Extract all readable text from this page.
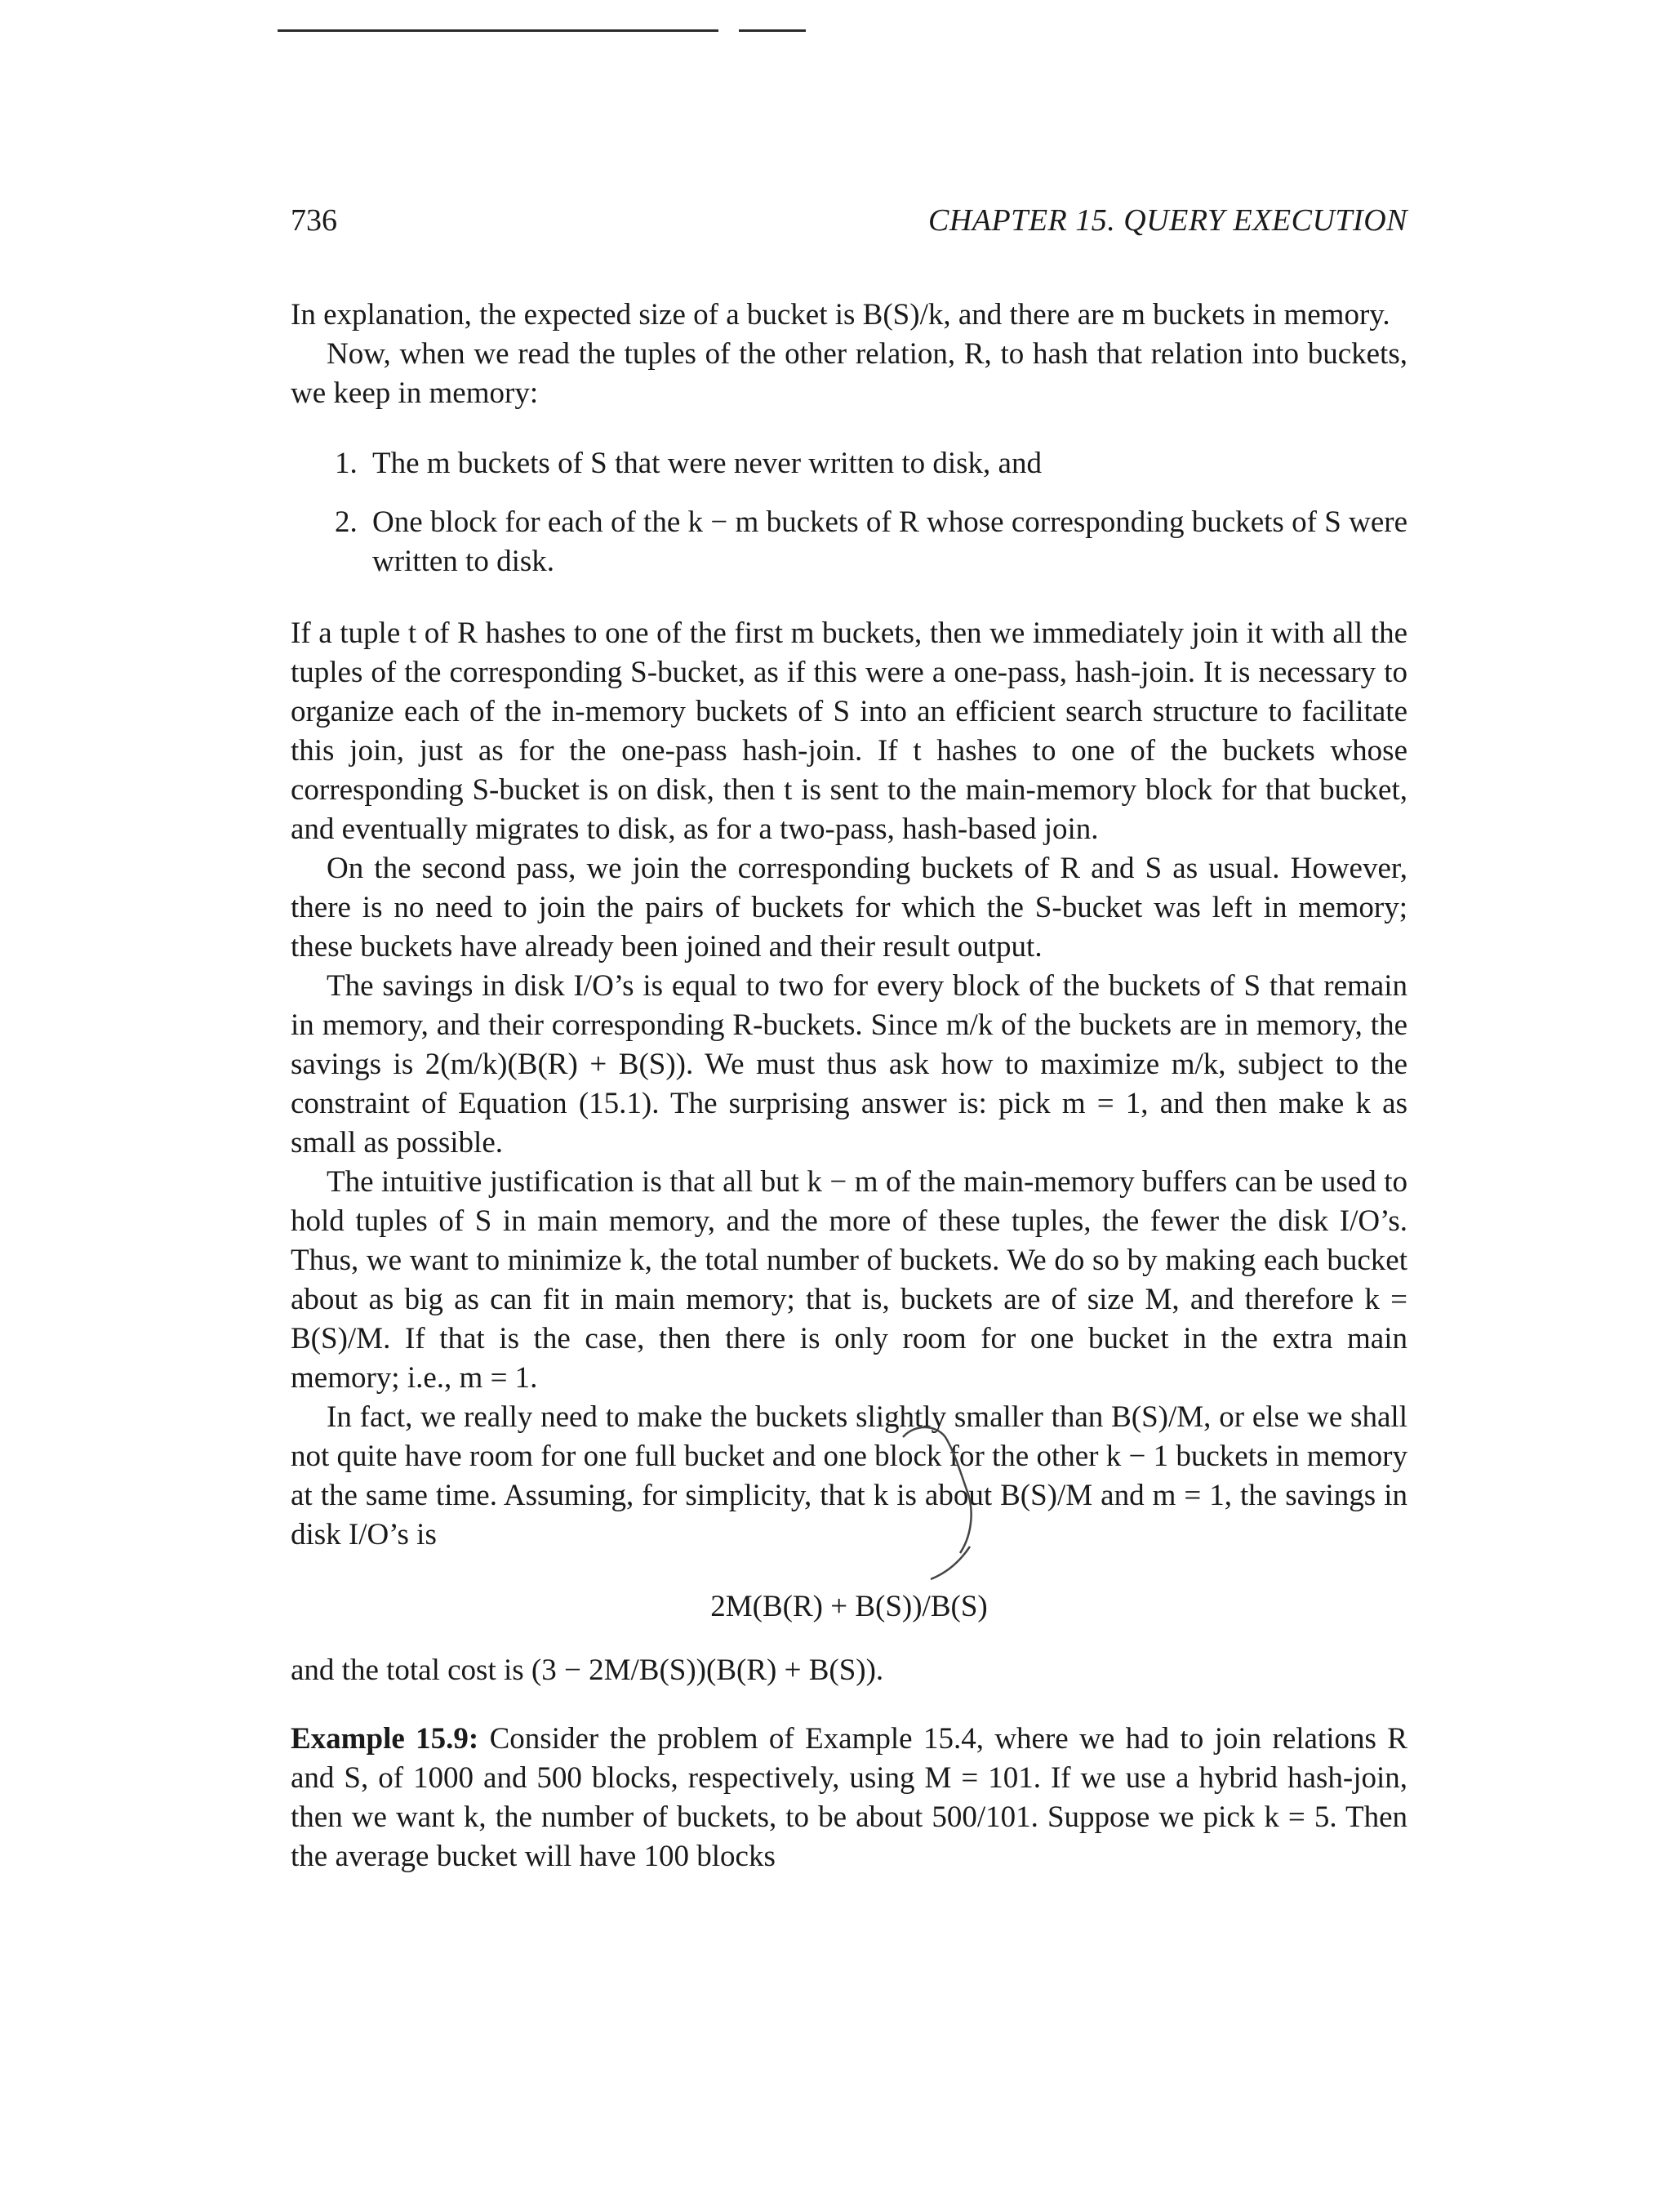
736	CHAPTER 15. QUERY EXECUTION

In explanation, the expected size of a bucket is B(S)/k, and there are m buckets in memory.

Now, when we read the tuples of the other relation, R, to hash that relation into buckets, we keep in memory:

1. The m buckets of S that were never written to disk, and
2. One block for each of the k − m buckets of R whose corresponding buckets of S were written to disk.

If a tuple t of R hashes to one of the first m buckets, then we immediately join it with all the tuples of the corresponding S-bucket, as if this were a one-pass, hash-join. It is necessary to organize each of the in-memory buckets of S into an efficient search structure to facilitate this join, just as for the one-pass hash-join. If t hashes to one of the buckets whose corresponding S-bucket is on disk, then t is sent to the main-memory block for that bucket, and eventually migrates to disk, as for a two-pass, hash-based join.

On the second pass, we join the corresponding buckets of R and S as usual. However, there is no need to join the pairs of buckets for which the S-bucket was left in memory; these buckets have already been joined and their result output.

The savings in disk I/O’s is equal to two for every block of the buckets of S that remain in memory, and their corresponding R-buckets. Since m/k of the buckets are in memory, the savings is 2(m/k)(B(R) + B(S)). We must thus ask how to maximize m/k, subject to the constraint of Equation (15.1). The surprising answer is: pick m = 1, and then make k as small as possible.

The intuitive justification is that all but k − m of the main-memory buffers can be used to hold tuples of S in main memory, and the more of these tuples, the fewer the disk I/O’s. Thus, we want to minimize k, the total number of buckets. We do so by making each bucket about as big as can fit in main memory; that is, buckets are of size M, and therefore k = B(S)/M. If that is the case, then there is only room for one bucket in the extra main memory; i.e., m = 1.

In fact, we really need to make the buckets slightly smaller than B(S)/M, or else we shall not quite have room for one full bucket and one block for the other k − 1 buckets in memory at the same time. Assuming, for simplicity, that k is about B(S)/M and m = 1, the savings in disk I/O’s is

2M(B(R) + B(S))/B(S)

and the total cost is (3 − 2M/B(S))(B(R) + B(S)).

Example 15.9: Consider the problem of Example 15.4, where we had to join relations R and S, of 1000 and 500 blocks, respectively, using M = 101. If we use a hybrid hash-join, then we want k, the number of buckets, to be about 500/101. Suppose we pick k = 5. Then the average bucket will have 100 blocks
